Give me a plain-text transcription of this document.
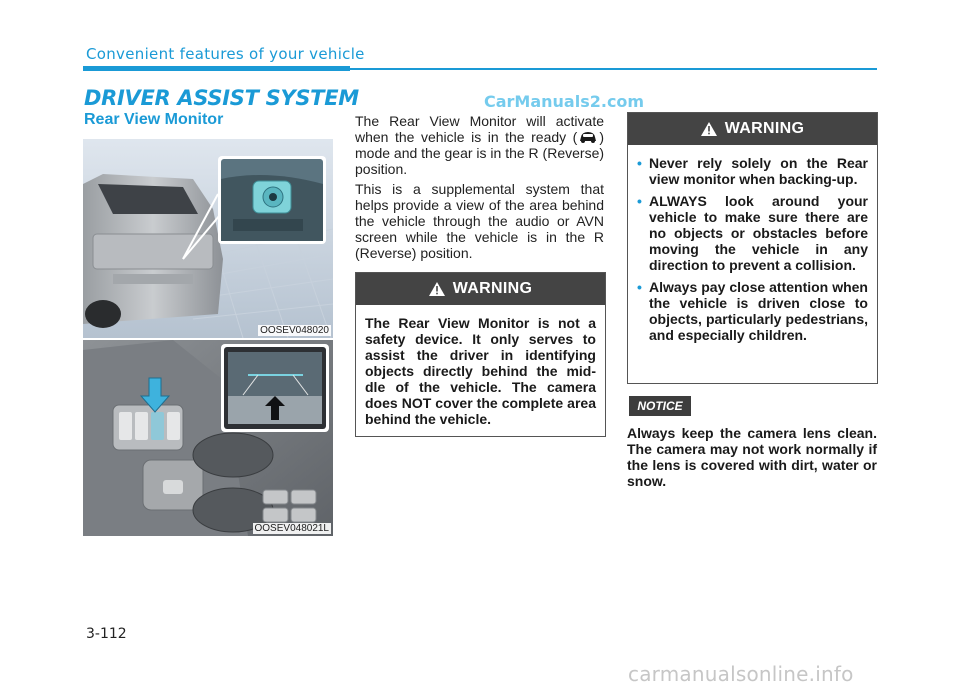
Convenient features of your vehicle
DRIVER ASSIST SYSTEM	CarManuals2.com
Rear View Monitor
OOSEV048020
OOSEV048021L

The Rear View Monitor will activate when the vehicle is in the ready ( ) mode and the gear is in the R (Reverse) position.

This is a supplemental system that helps provide a view of the area behind the vehicle through the audio or AVN screen while the vehicle is in the R (Reverse) position.

WARNING

The Rear View Monitor is not a safety device. It only serves to assist the driver in identifying objects directly behind the mid-dle of the vehicle. The camera does NOT cover the complete area behind the vehicle.

WARNING
• Never rely solely on the Rear view monitor when backing-up.
• ALWAYS look around your vehicle to make sure there are no objects or obstacles before moving the vehicle in any direction to prevent a collision.
• Always pay close attention when the vehicle is driven close to objects, particularly pedestrians, and especially children.
NOTICE

Always keep the camera lens clean. The camera may not work normally if the lens is covered with dirt, water or snow.

3-112
carmanualsonline.info
